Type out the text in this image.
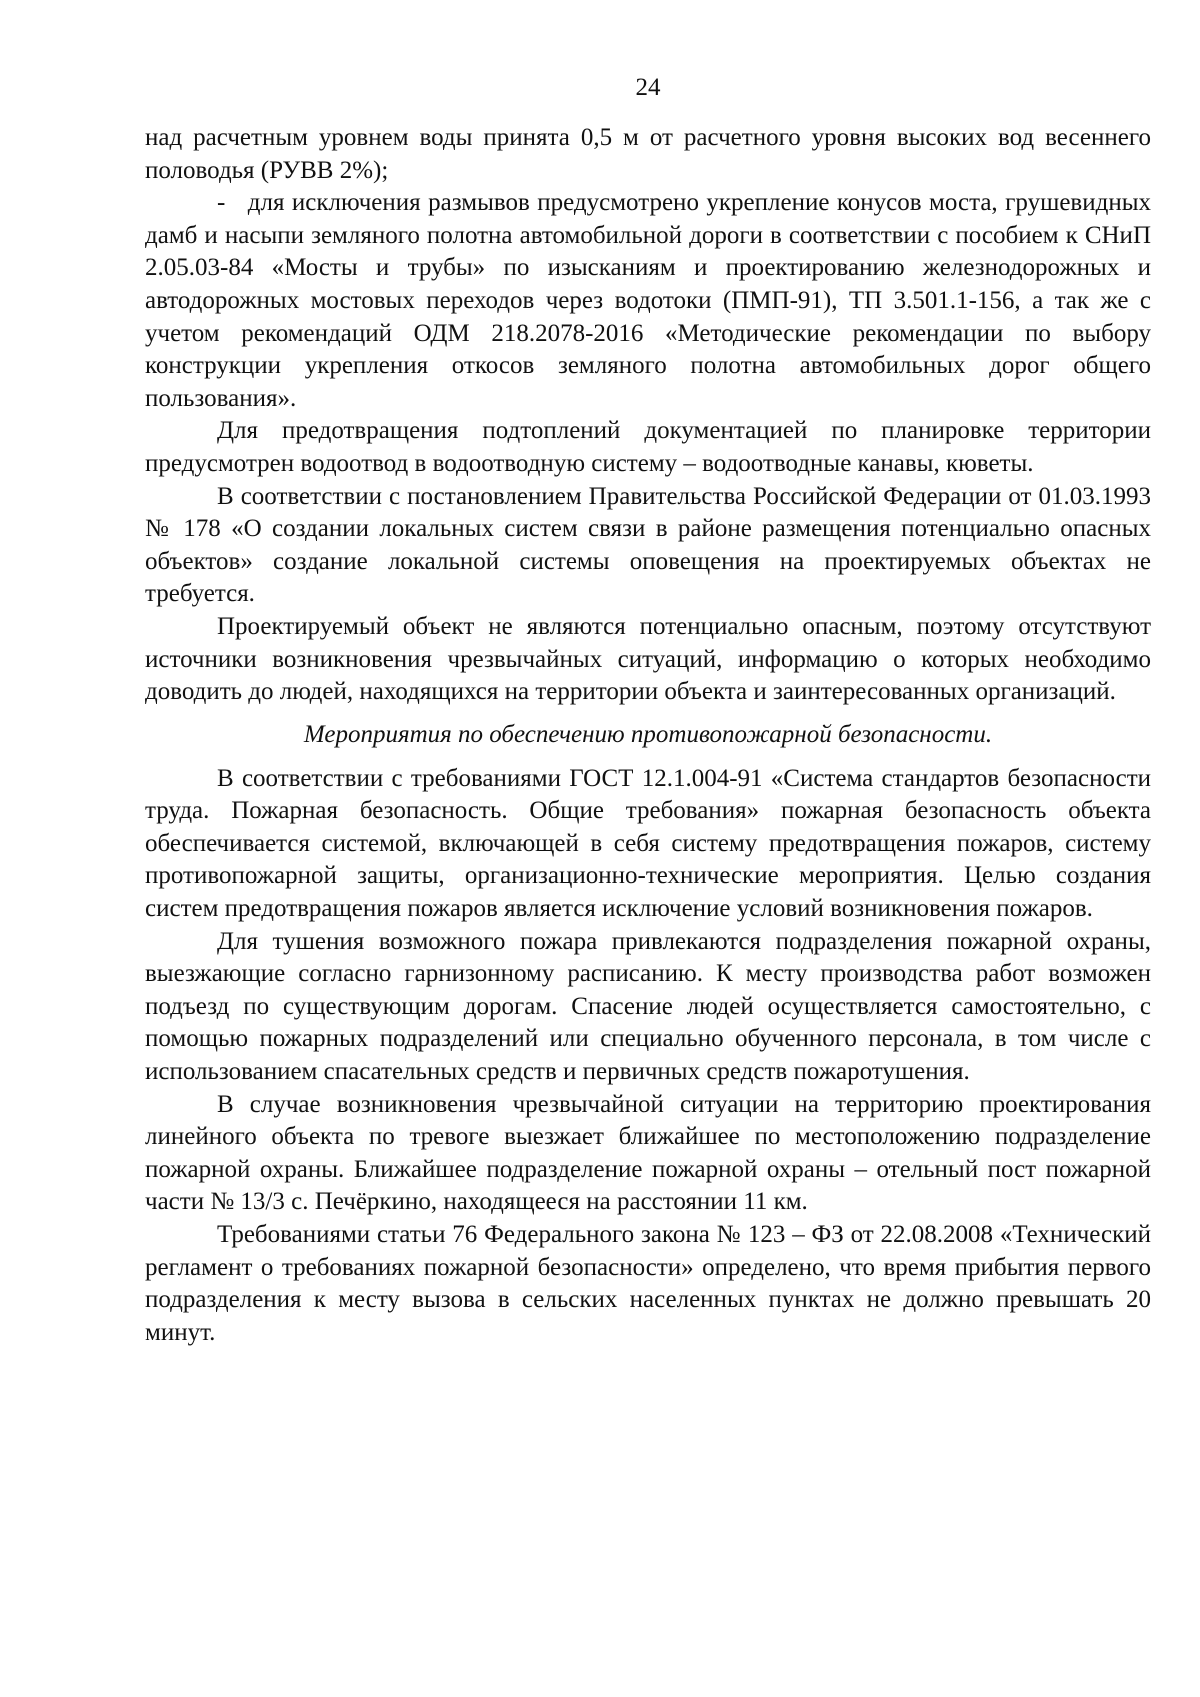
24

над расчетным уровнем воды принята 0,5 м от расчетного уровня высоких вод весеннего половодья (РУВВ 2%);

-   для исключения размывов предусмотрено укрепление конусов моста, грушевидных дамб и насыпи земляного полотна автомобильной дороги в соответствии с пособием к СНиП 2.05.03-84 «Мосты и трубы» по изысканиям и проектированию железнодорожных и автодорожных мостовых переходов через водотоки (ПМП-91), ТП 3.501.1-156, а так же с учетом рекомендаций ОДМ 218.2078-2016 «Методические рекомендации по выбору конструкции укрепления откосов земляного полотна автомобильных дорог общего пользования».

Для предотвращения подтоплений документацией по планировке территории предусмотрен водоотвод в водоотводную систему – водоотводные канавы, кюветы.

В соответствии с постановлением Правительства Российской Федерации от 01.03.1993 № 178 «О создании локальных систем связи в районе размещения потенциально опасных объектов» создание локальной системы оповещения на проектируемых объектах не требуется.

Проектируемый объект не являются потенциально опасным, поэтому отсутствуют источники возникновения чрезвычайных ситуаций, информацию о которых необходимо доводить до людей, находящихся на территории объекта и заинтересованных организаций.

Мероприятия по обеспечению противопожарной безопасности.

В соответствии с требованиями ГОСТ 12.1.004-91 «Система стандартов безопасности труда. Пожарная безопасность. Общие требования» пожарная безопасность объекта обеспечивается системой, включающей в себя систему предотвращения пожаров, систему противопожарной защиты, организационно-технические мероприятия. Целью создания систем предотвращения пожаров является исключение условий возникновения пожаров.

Для тушения возможного пожара привлекаются подразделения пожарной охраны, выезжающие согласно гарнизонному расписанию. К месту производства работ возможен подъезд по существующим дорогам. Спасение людей осуществляется самостоятельно, с помощью пожарных подразделений или специально обученного персонала, в том числе с использованием спасательных средств и первичных средств пожаротушения.

В случае возникновения чрезвычайной ситуации на территорию проектирования линейного объекта по тревоге выезжает ближайшее по местоположению подразделение пожарной охраны. Ближайшее подразделение пожарной охраны – отельный пост пожарной части № 13/3 с. Печёркино, находящееся на расстоянии 11 км.

Требованиями статьи 76 Федерального закона № 123 – ФЗ от 22.08.2008 «Технический регламент о требованиях пожарной безопасности» определено, что время прибытия первого подразделения к месту вызова в сельских населенных пунктах не должно превышать 20 минут.
